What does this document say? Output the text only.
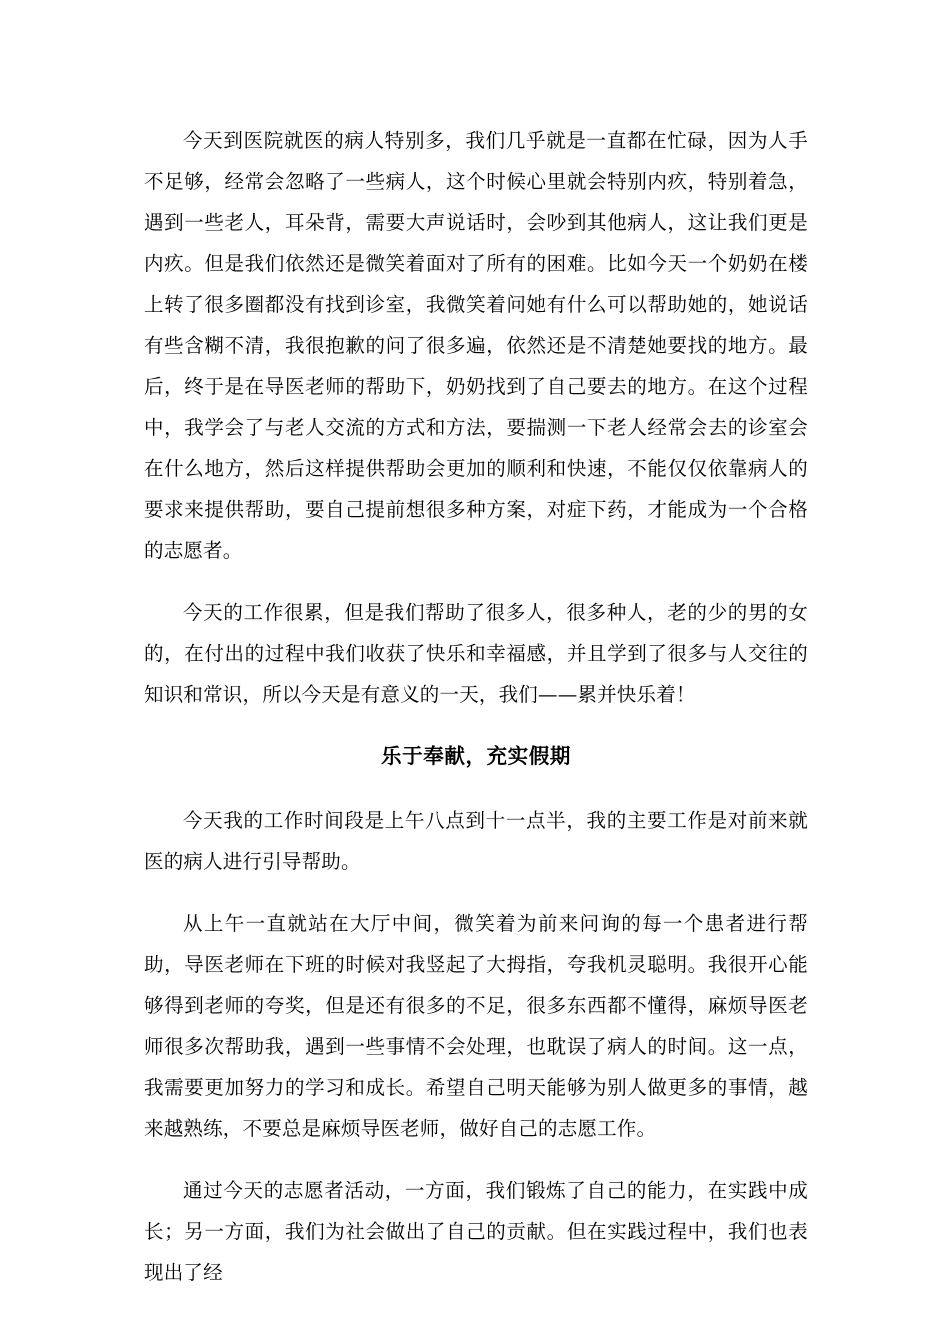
今天到医院就医的病人特别多，我们几乎就是一直都在忙碌，因为人手不足够，经常会忽略了一些病人，这个时候心里就会特别内疚，特别着急，遇到一些老人，耳朵背，需要大声说话时，会吵到其他病人，这让我们更是内疚。但是我们依然还是微笑着面对了所有的困难。比如今天一个奶奶在楼上转了很多圈都没有找到诊室，我微笑着问她有什么可以帮助她的，她说话有些含糊不清，我很抱歉的问了很多遍，依然还是不清楚她要找的地方。最后，终于是在导医老师的帮助下，奶奶找到了自己要去的地方。在这个过程中，我学会了与老人交流的方式和方法，要揣测一下老人经常会去的诊室会在什么地方，然后这样提供帮助会更加的顺利和快速，不能仅仅依靠病人的要求来提供帮助，要自己提前想很多种方案，对症下药，才能成为一个合格的志愿者。

今天的工作很累，但是我们帮助了很多人，很多种人，老的少的男的女的，在付出的过程中我们收获了快乐和幸福感，并且学到了很多与人交往的知识和常识，所以今天是有意义的一天，我们——累并快乐着！

乐于奉献，充实假期

今天我的工作时间段是上午八点到十一点半，我的主要工作是对前来就医的病人进行引导帮助。

从上午一直就站在大厅中间，微笑着为前来问询的每一个患者进行帮助，导医老师在下班的时候对我竖起了大拇指，夸我机灵聪明。我很开心能够得到老师的夸奖，但是还有很多的不足，很多东西都不懂得，麻烦导医老师很多次帮助我，遇到一些事情不会处理，也耽误了病人的时间。这一点，我需要更加努力的学习和成长。希望自己明天能够为别人做更多的事情，越来越熟练，不要总是麻烦导医老师，做好自己的志愿工作。

通过今天的志愿者活动，一方面，我们锻炼了自己的能力，在实践中成长；另一方面，我们为社会做出了自己的贡献。但在实践过程中，我们也表现出了经
